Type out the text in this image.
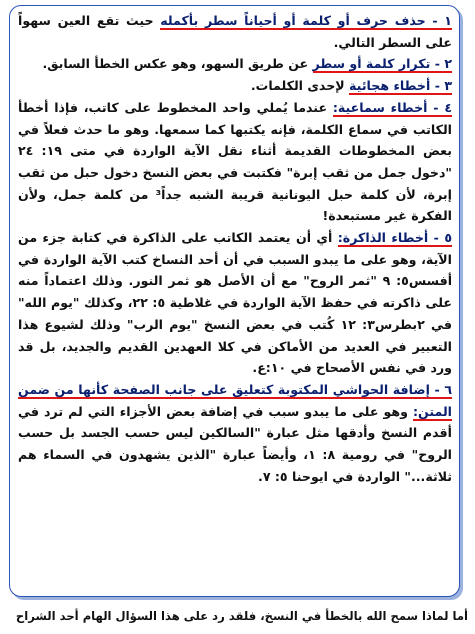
١ - حذف حرف أو كلمة أو أحياناً سطر بأكمله حيث تقع العين سهواً على السطر التالي.

٢ - تكرار كلمة أو سطر عن طريق السهو، وهو عكس الخطأ السابق.

٣ - أخطاء هجائية لإحدى الكلمات.

٤ - أخطاء سماعية: عندما يُملي واحد المخطوط على كاتب، فإذا أخطأ الكاتب في سماع الكلمة، فإنه يكتبها كما سمعها. وهو ما حدث فعلاً في بعض المخطوطات القديمة أثناء نقل الآية الواردة في متى ١٩: ٢٤ "دخول جمل من ثقب إبرة" فكتبت في بعض النسخ دخول حبل من ثقب إبرة، لأن كلمة حبل اليونانية قريبة الشبه جداً³ من كلمة جمل، ولأن الفكرة غير مستبعدة!

٥ - أخطاء الذاكرة: أي أن يعتمد الكاتب على الذاكرة في كتابة جزء من الآية، وهو على ما يبدو السبب في أن أحد النساخ كتب الآية الواردة في أفسس٥: ٩ "ثمر الروح" مع أن الأصل هو ثمر النور. وذلك اعتماداً منه على ذاكرته في حفظ الآية الواردة في غلاطية ٥: ٢٢، وكذلك "يوم الله" في ٢بطرس٣: ١٢ كُتب في بعض النسخ "يوم الرب" وذلك لشيوع هذا التعبير في العديد من الأماكن في كلا العهدين القديم والجديد، بل قد ورد في نفس الأصحاح في ١٠:ع.

٦ - إضافة الحواشي المكتوبة كتعليق على جانب الصفحة كأنها من ضمن المتن: وهو على ما يبدو سبب في إضافة بعض الأجزاء التي لم ترد في أقدم النسخ وأدقها مثل عبارة "السالكين ليس حسب الجسد بل حسب الروح" في رومية ٨: ١، وأيضاً عبارة "الذين يشهدون في السماء هم ثلاثة..." الواردة في ايوحنا ٥: ٧.

أما لماذا سمح الله بالخطأ في النسخ، فلقد رد على هذا السؤال الهام أحد الشراح
